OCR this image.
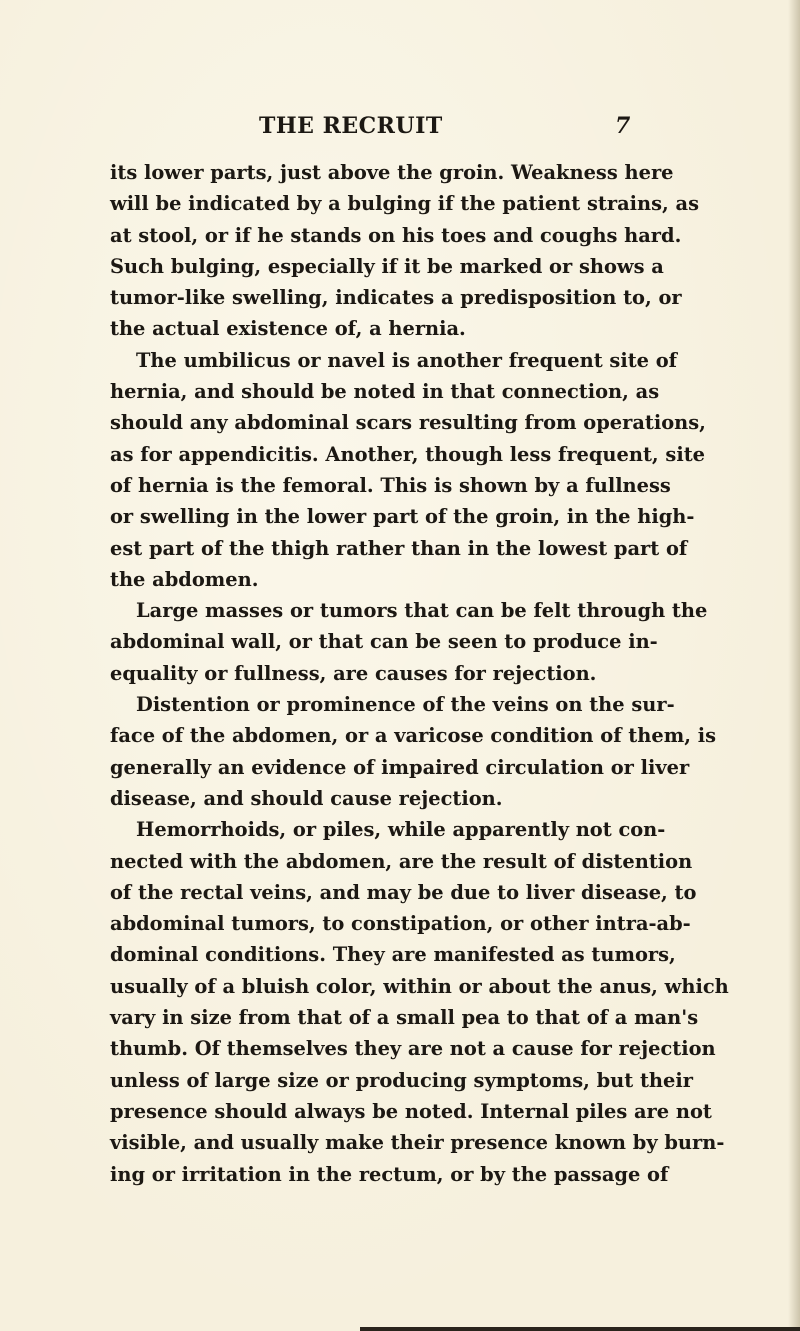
THE RECRUIT	7
its lower parts, just above the groin. Weakness here
will be indicated by a bulging if the patient strains, as
at stool, or if he stands on his toes and coughs hard.
Such bulging, especially if it be marked or shows a
tumor-like swelling, indicates a predisposition to, or
the actual existence of, a hernia.
The umbilicus or navel is another frequent site of
hernia, and should be noted in that connection, as
should any abdominal scars resulting from operations,
as for appendicitis. Another, though less frequent, site
of hernia is the femoral. This is shown by a fullness
or swelling in the lower part of the groin, in the high-
est part of the thigh rather than in the lowest part of
the abdomen.
Large masses or tumors that can be felt through the
abdominal wall, or that can be seen to produce in-
equality or fullness, are causes for rejection.
Distention or prominence of the veins on the sur-
face of the abdomen, or a varicose condition of them, is
generally an evidence of impaired circulation or liver
disease, and should cause rejection.
Hemorrhoids, or piles, while apparently not con-
nected with the abdomen, are the result of distention
of the rectal veins, and may be due to liver disease, to
abdominal tumors, to constipation, or other intra-ab-
dominal conditions. They are manifested as tumors,
usually of a bluish color, within or about the anus, which
vary in size from that of a small pea to that of a man's
thumb. Of themselves they are not a cause for rejection
unless of large size or producing symptoms, but their
presence should always be noted. Internal piles are not
visible, and usually make their presence known by burn-
ing or irritation in the rectum, or by the passage of
